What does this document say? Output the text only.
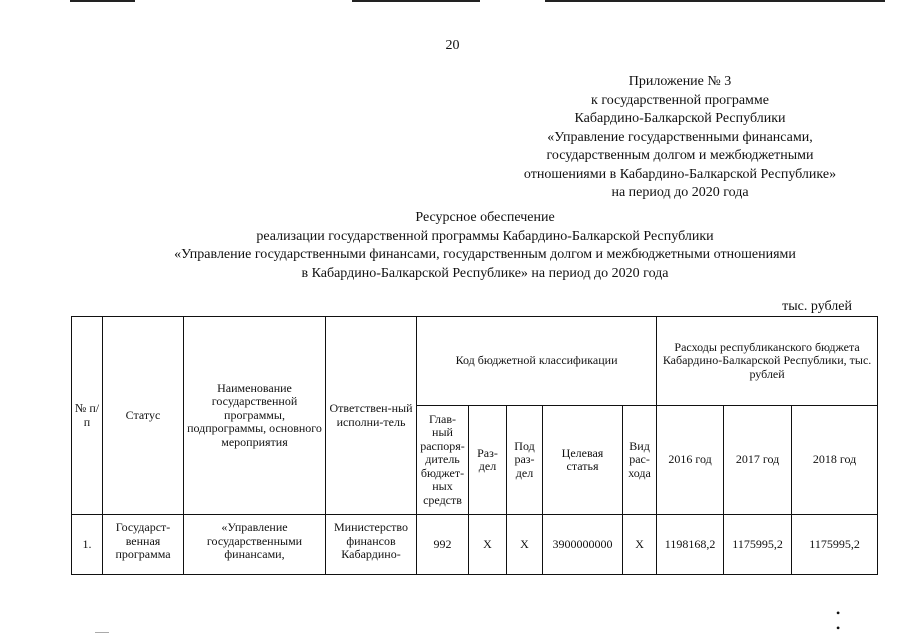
20
Приложение № 3
к государственной программе
Кабардино-Балкарской Республики
«Управление государственными финансами,
государственным долгом и межбюджетными
отношениями в Кабардино-Балкарской Республике»
на период до 2020 года
Ресурсное обеспечение
реализации государственной программы Кабардино-Балкарской Республики
«Управление государственными финансами, государственным долгом и межбюджетными отношениями
в Кабардино-Балкарской Республике» на период до 2020 года
тыс. рублей
№ п/п	Статус	Наименование государственной программы, подпрограммы, основного мероприятия	Ответствен-ный исполни-тель	Код бюджетной классификации					Расходы республиканского бюджета Кабардино-Балкарской Республики, тыс. рублей		
				Глав-ный распоря-дитель бюджет-ных средств	Раз-дел	Под раз-дел	Целевая статья	Вид рас-хода	2016 год	2017 год	2018 год
1.	Государст-венная программа	«Управление государственными финансами,	Министерство финансов Кабардино-	992	Х	Х	3900000000	Х	1198168,2	1175995,2	1175995,2
• •
